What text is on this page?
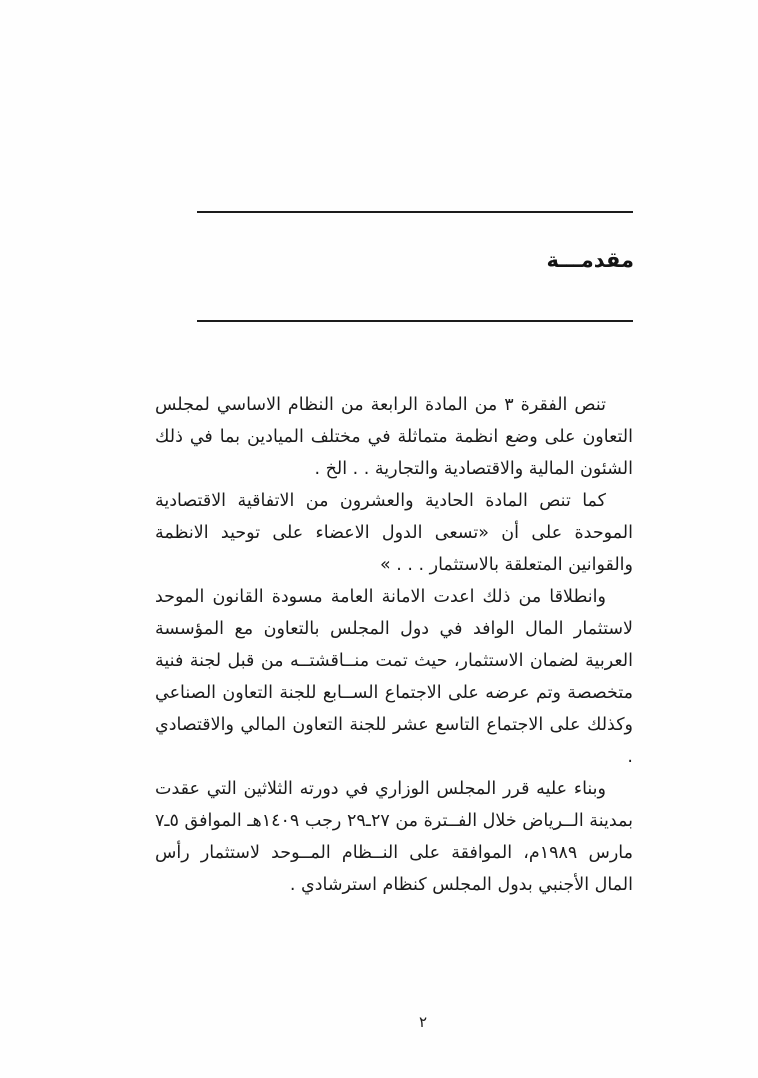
مقدمـــة

تنص الفقرة ٣ من المادة الرابعة من النظام الاساسي لمجلس التعاون على وضع انظمة متماثلة في مختلف الميادين بما في ذلك الشئون المالية والاقتصادية والتجارية . . الخ .

كما تنص المادة الحادية والعشرون من الاتفاقية الاقتصادية الموحدة على أن «تسعى الدول الاعضاء على توحيد الانظمة والقوانين المتعلقة بالاستثمار . . . »

وانطلاقا من ذلك اعدت الامانة العامة مسودة القانون الموحد لاستثمار المال الوافد في دول المجلس بالتعاون مع المؤسسة العربية لضمان الاستثمار، حيث تمت منــاقشتــه من قبل لجنة فنية متخصصة وتم عرضه على الاجتماع الســابع للجنة التعاون الصناعي وكذلك على الاجتماع التاسع عشر للجنة التعاون المالي والاقتصادي .

وبناء عليه قرر المجلس الوزاري في دورته الثلاثين التي عقدت بمدينة الــرياض خلال الفــترة من ٢٧ـ٢٩ رجب ١٤٠٩هـ الموافق ٥ـ٧ مارس ١٩٨٩م، الموافقة على النــظام المــوحد لاستثمار رأس المال الأجنبي بدول المجلس كنظام استرشادي .

٢
